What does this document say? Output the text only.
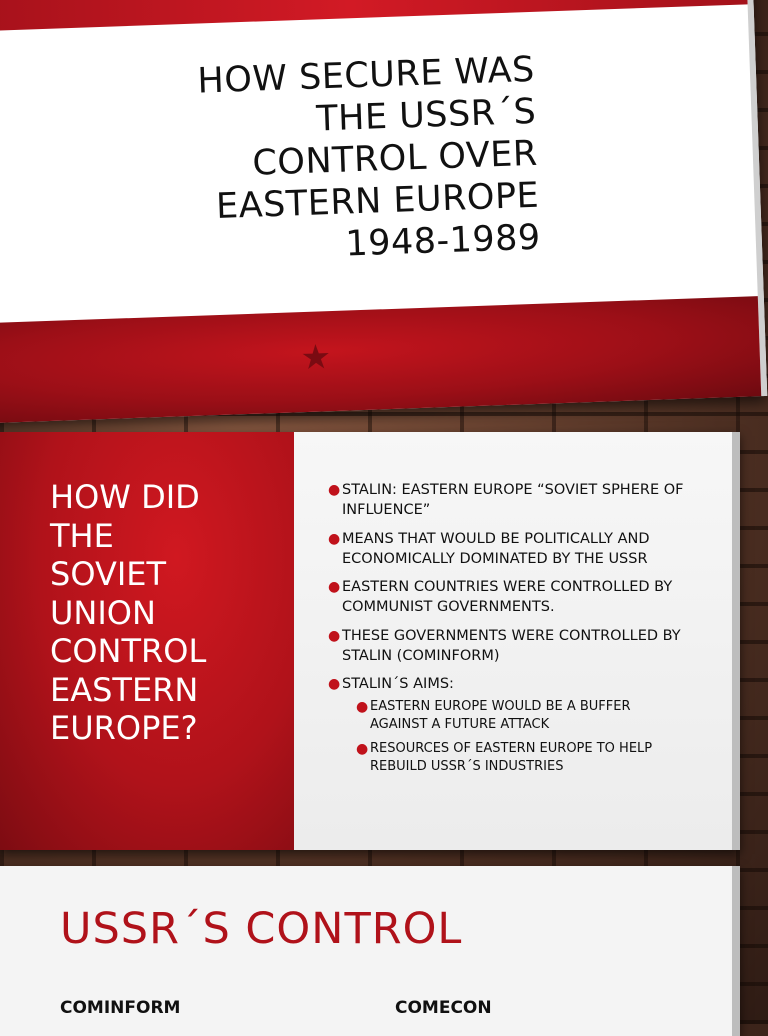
HOW SECURE WAS
THE USSR´S
CONTROL OVER
EASTERN EUROPE
1948-1989
★
HOW DID
THE
SOVIET
UNION
CONTROL
EASTERN
EUROPE?
● STALIN: EASTERN EUROPE “SOVIET SPHERE OF INFLUENCE”
● MEANS THAT WOULD BE POLITICALLY AND ECONOMICALLY DOMINATED BY THE USSR
● EASTERN COUNTRIES WERE CONTROLLED BY COMMUNIST GOVERNMENTS.
● THESE GOVERNMENTS WERE CONTROLLED BY STALIN (COMINFORM)
● STALIN´S AIMS:
● EASTERN EUROPE WOULD BE A BUFFER AGAINST A FUTURE ATTACK
● RESOURCES OF EASTERN EUROPE TO HELP REBUILD USSR´S INDUSTRIES
USSR´S CONTROL
COMINFORM	COMECON
